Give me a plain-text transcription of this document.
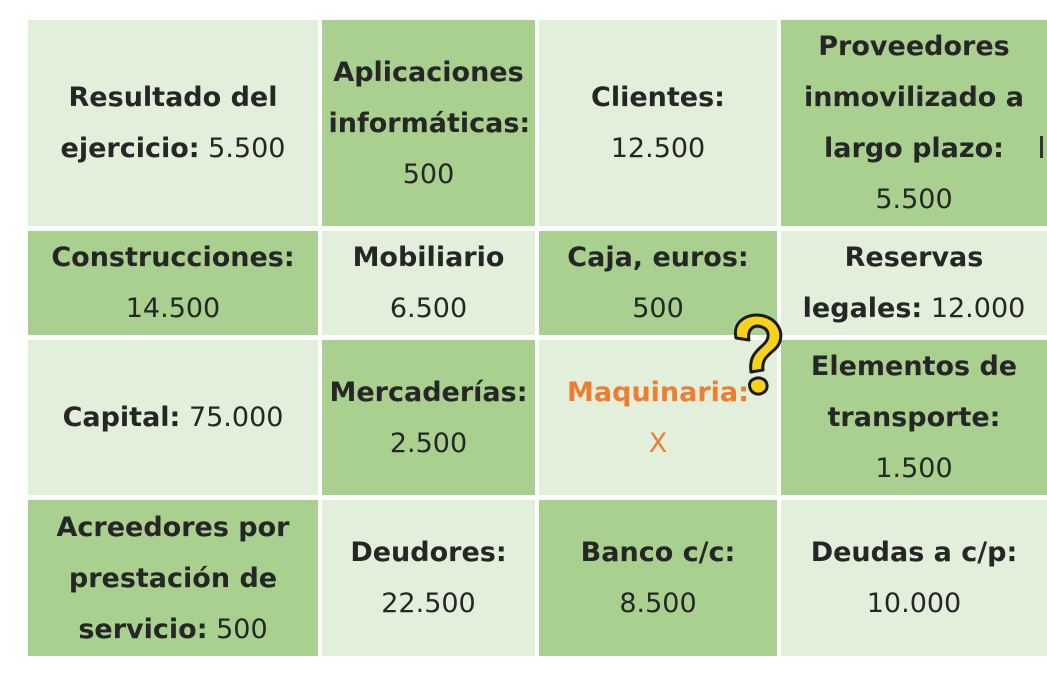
Resultado del ejercicio: 5.500
Aplicaciones informáticas:
500
Clientes:
12.500
Proveedores inmovilizado a largo plazo:
5.500
Construcciones:
14.500
Mobiliario
6.500
Caja, euros:
500
Reservas legales: 12.000
Capital: 75.000
Mercaderías:
2.500
Maquinaria:
X
Elementos de transporte:
1.500
Acreedores por prestación de servicio: 500
Deudores:
22.500
Banco c/c:
8.500
Deudas a c/p:
10.000
